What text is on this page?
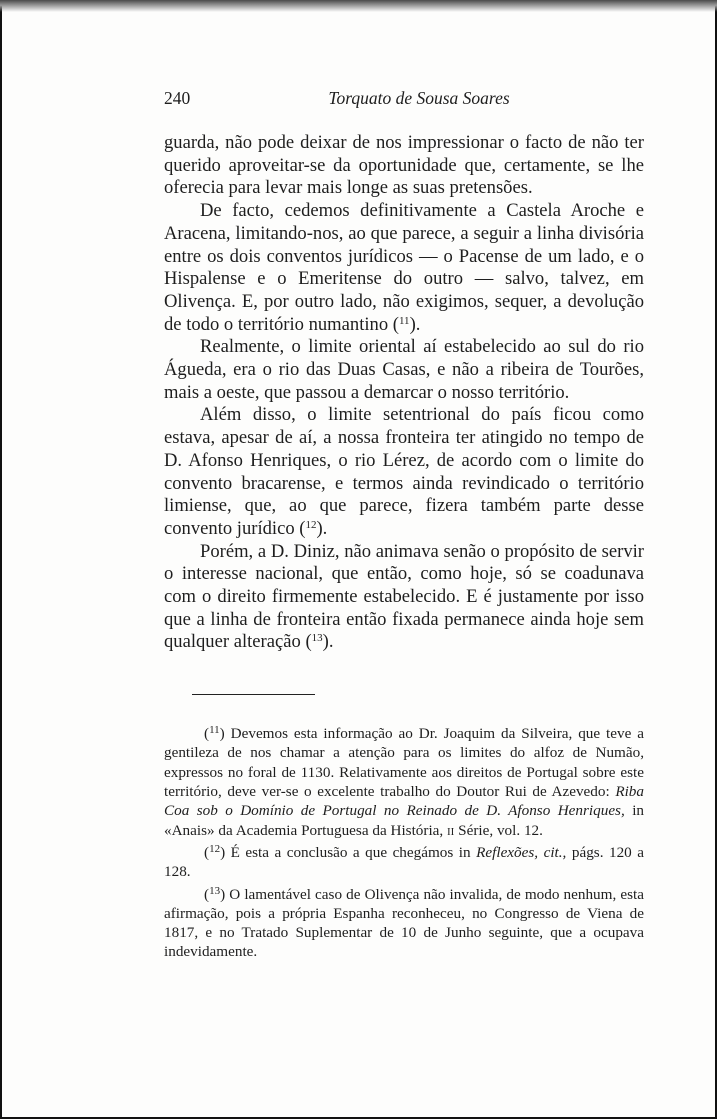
240	Torquato de Sousa Soares

guarda, não pode deixar de nos impressionar o facto de não ter querido aproveitar-se da oportunidade que, certamente, se lhe oferecia para levar mais longe as suas pretensões.

De facto, cedemos definitivamente a Castela Aroche e Aracena, limitando-nos, ao que parece, a seguir a linha divisória entre os dois conventos jurídicos — o Pacense de um lado, e o Hispalense e o Emeritense do outro — salvo, talvez, em Olivença. E, por outro lado, não exigimos, sequer, a devolução de todo o território numantino ($^{11}$).

Realmente, o limite oriental aí estabelecido ao sul do rio Águeda, era o rio das Duas Casas, e não a ribeira de Tourões, mais a oeste, que passou a demarcar o nosso território.

Além disso, o limite setentrional do país ficou como estava, apesar de aí, a nossa fronteira ter atingido no tempo de D. Afonso Henriques, o rio Lérez, de acordo com o limite do convento bracarense, e termos ainda revindicado o território limiense, que, ao que parece, fizera também parte desse convento jurídico ($^{12}$).

Porém, a D. Diniz, não animava senão o propósito de servir o interesse nacional, que então, como hoje, só se coadunava com o direito firmemente estabelecido. E é justamente por isso que a linha de fronteira então fixada permanece ainda hoje sem qualquer alteração ($^{13}$).

($^{11}$) Devemos esta informação ao Dr. Joaquim da Silveira, que teve a gentileza de nos chamar a atenção para os limites do alfoz de Numão, expressos no foral de 1130. Relativamente aos direitos de Portugal sobre este território, deve ver-se o excelente trabalho do Doutor Rui de Azevedo: Riba Coa sob o Domínio de Portugal no Reinado de D. Afonso Henriques, in «Anais» da Academia Portuguesa da História, ii Série, vol. 12.

($^{12}$) É esta a conclusão a que chegámos in Reflexões, cit., págs. 120 a 128.

($^{13}$) O lamentável caso de Olivença não invalida, de modo nenhum, esta afirmação, pois a própria Espanha reconheceu, no Congresso de Viena de 1817, e no Tratado Suplementar de 10 de Junho seguinte, que a ocupava indevidamente.
